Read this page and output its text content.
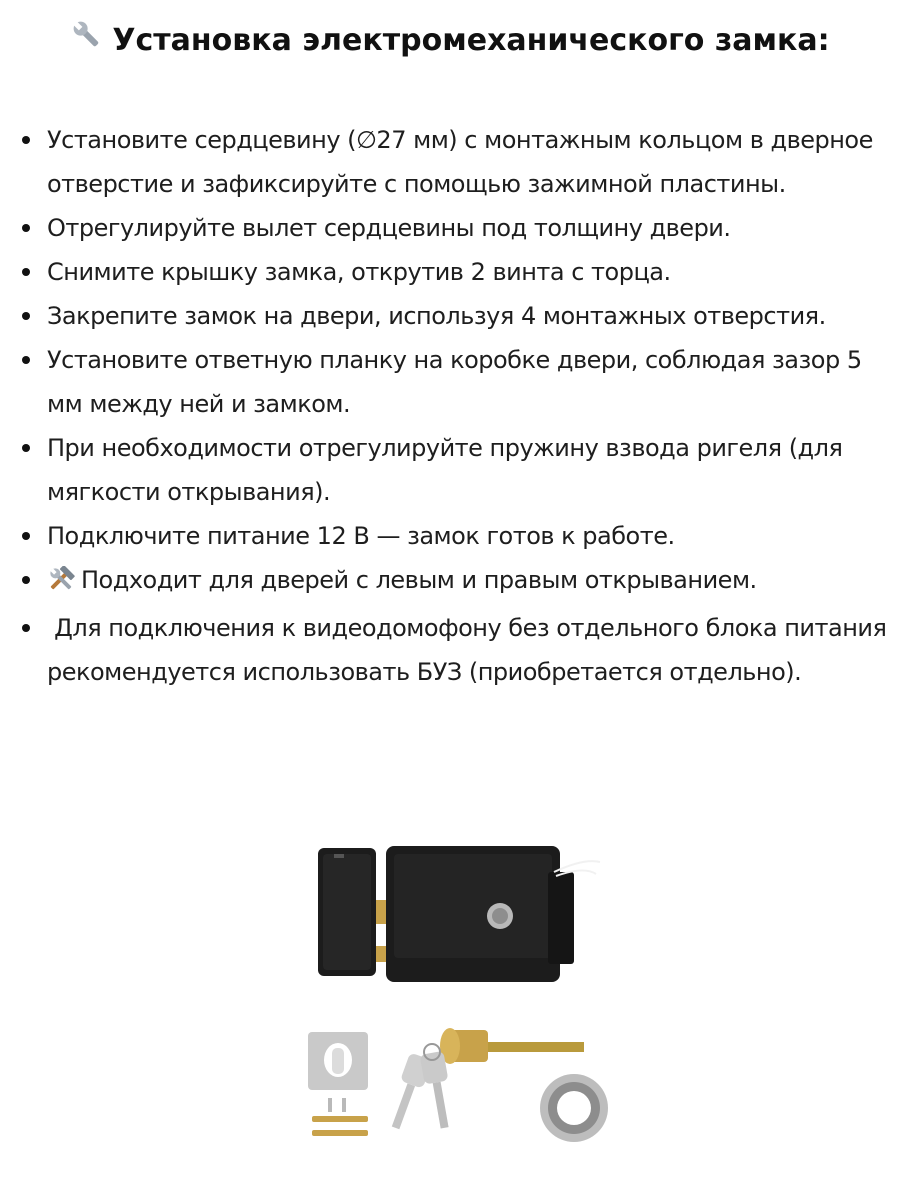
Установка электромеханического замка:
Установите сердцевину (∅27 мм) с монтажным кольцом в дверное отверстие и зафиксируйте с помощью зажимной пластины.
Отрегулируйте вылет сердцевины под толщину двери.
Снимите крышку замка, открутив 2 винта с торца.
Закрепите замок на двери, используя 4 монтажных отверстия.
Установите ответную планку на коробке двери, соблюдая зазор 5 мм между ней и замком.
При необходимости отрегулируйте пружину взвода ригеля (для мягкости открывания).
Подключите питание 12 В — замок готов к работе.
Подходит для дверей с левым и правым открыванием.
Для подключения к видеодомофону без отдельного блока питания рекомендуется использовать БУЗ (приобретается отдельно).
